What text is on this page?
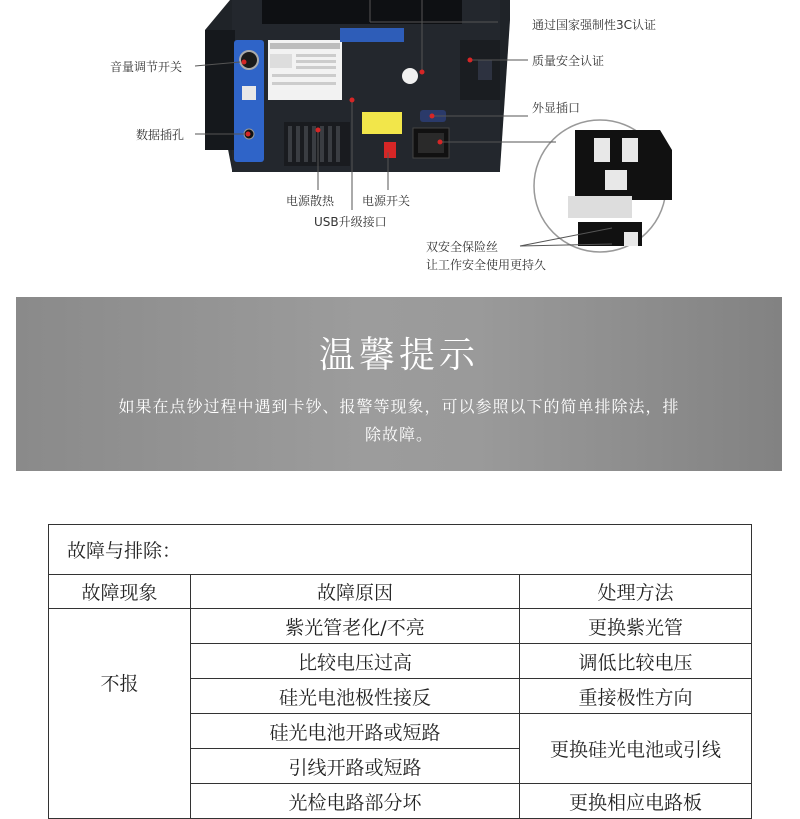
通过国家强制性3C认证
质量安全认证
音量调节开关
外显插口
数据插孔
电源散热 电源开关
USB升级接口
双安全保险丝
让工作安全使用更持久
温馨提示
如果在点钞过程中遇到卡钞、报警等现象，可以参照以下的简单排除法，排除故障。
故障与排除：		
故障现象	故障原因	处理方法
不报	紫光管老化/不亮	更换紫光管
	比较电压过高	调低比较电压
	硅光电池极性接反	重接极性方向
	硅光电池开路或短路	更换硅光电池或引线
	引线开路或短路	
	光检电路部分坏	更换相应电路板
